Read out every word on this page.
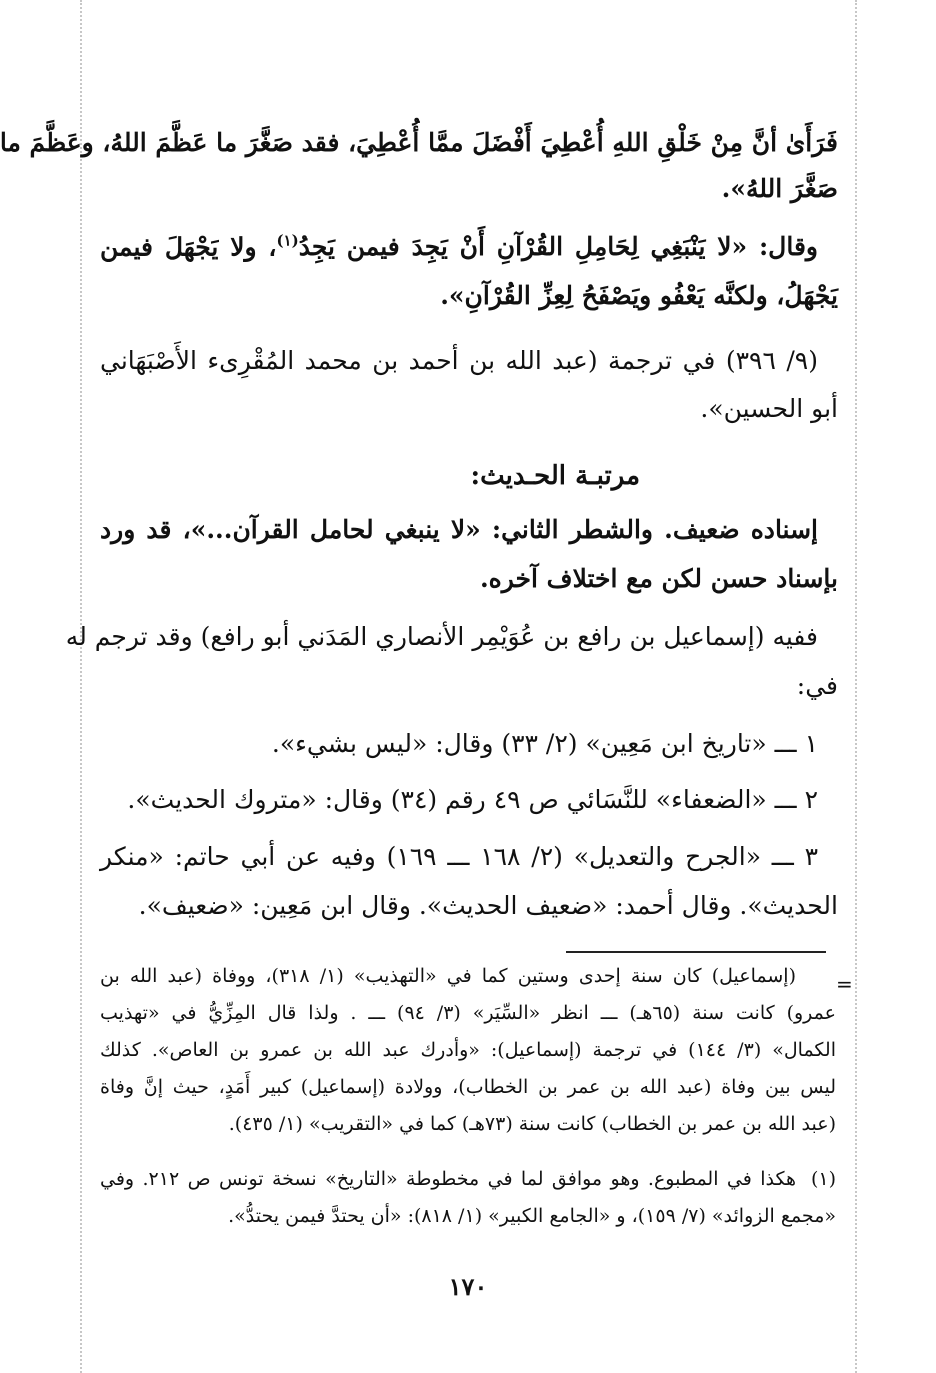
فَرَأَىٰ أنَّ مِنْ خَلْقِ اللهِ أُعْطِيَ أَفْضَلَ ممَّا أُعْطِيَ، فقد صَغَّرَ ما عَظَّمَ اللهُ، وعَظَّمَ ما
صَغَّرَ اللهُ».
وقال: «لا يَنْبَغِي لِحَامِلِ القُرْآنِ أَنْ يَجِدَ فيمن يَجِدُ$^{(١)}$، ولا يَجْهَلَ فيمن
يَجْهَلُ، ولكنَّه يَعْفُو ويَصْفَحُ لِعِزِّ القُرْآنِ».
(٩/ ٣٩٦) في ترجمة (عبد الله بن أحمد بن محمد المُقْرِىء الأَصْبَهَاني
أبو الحسين».
مرتبـة الحـديث:
إسناده ضعيف. والشطر الثاني: «لا ينبغي لحامل القرآن...»، قد ورد
بإسناد حسن لكن مع اختلاف آخره.
ففيه (إسماعيل بن رافع بن عُوَيْمِر الأنصاري المَدَني أبو رافع) وقد ترجم له
في:
١ ـــ «تاريخ ابن مَعِين» (٢/ ٣٣) وقال: «ليس بشيء».
٢ ـــ «الضعفاء» للنَّسَائي ص ٤٩ رقم (٣٤) وقال: «متروك الحديث».
٣ ـــ «الجرح والتعديل» (٢/ ١٦٨ ـــ ١٦٩) وفيه عن أبي حاتم: «منكر
الحديث». وقال أحمد: «ضعيف الحديث». وقال ابن مَعِين: «ضعيف».
=
(إسماعيل) كان سنة إحدى وستين كما في «التهذيب» (١/ ٣١٨)، ووفاة (عبد الله بن
عمرو) كانت سنة (٦٥هـ) ـــ انظر «السِّيَر» (٣/ ٩٤) ـــ . ولذا قال المِزِّيُّ في «تهذيب
الكمال» (٣/ ١٤٤) في ترجمة (إسماعيل): «وأدرك عبد الله بن عمرو بن العاص». كذلك
ليس بين وفاة (عبد الله بن عمر بن الخطاب)، وولادة (إسماعيل) كبير أَمَدٍ، حيث إنَّ وفاة
(عبد الله بن عمر بن الخطاب) كانت سنة (٧٣هـ) كما في «التقريب» (١/ ٤٣٥).
(١)
هكذا في المطبوع. وهو موافق لما في مخطوطة «التاريخ» نسخة تونس ص ٢١٢. وفي
«مجمع الزوائد» (٧/ ١٥٩)، و «الجامع الكبير» (١/ ٨١٨): «أن يحتدَّ فيمن يحتدُّ».
١٧٠
